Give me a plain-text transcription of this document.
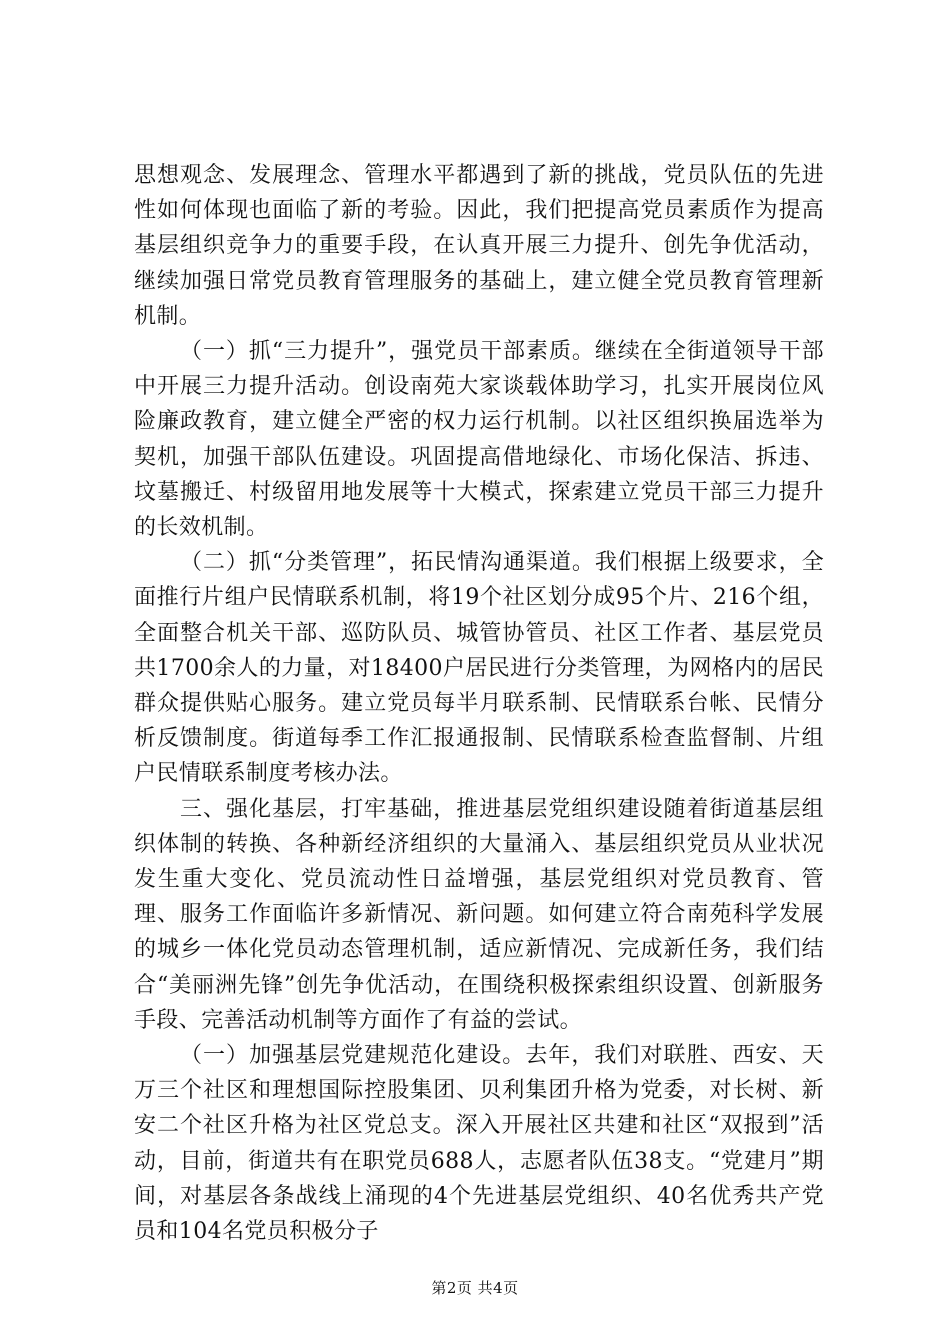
思想观念、发展理念、管理水平都遇到了新的挑战，党员队伍的先进性如何体现也面临了新的考验。因此，我们把提高党员素质作为提高基层组织竞争力的重要手段，在认真开展三力提升、创先争优活动，继续加强日常党员教育管理服务的基础上，建立健全党员教育管理新机制。

（一）抓“三力提升”，强党员干部素质。继续在全街道领导干部中开展三力提升活动。创设南苑大家谈载体助学习，扎实开展岗位风险廉政教育，建立健全严密的权力运行机制。以社区组织换届选举为契机，加强干部队伍建设。巩固提高借地绿化、市场化保洁、拆违、坟墓搬迁、村级留用地发展等十大模式，探索建立党员干部三力提升的长效机制。

（二）抓“分类管理”，拓民情沟通渠道。我们根据上级要求，全面推行片组户民情联系机制，将19个社区划分成95个片、216个组，全面整合机关干部、巡防队员、城管协管员、社区工作者、基层党员共1700余人的力量，对18400户居民进行分类管理，为网格内的居民群众提供贴心服务。建立党员每半月联系制、民情联系台帐、民情分析反馈制度。街道每季工作汇报通报制、民情联系检查监督制、片组户民情联系制度考核办法。

三、强化基层，打牢基础，推进基层党组织建设随着街道基层组织体制的转换、各种新经济组织的大量涌入、基层组织党员从业状况发生重大变化、党员流动性日益增强，基层党组织对党员教育、管理、服务工作面临许多新情况、新问题。如何建立符合南苑科学发展的城乡一体化党员动态管理机制，适应新情况、完成新任务，我们结合“美丽洲先锋”创先争优活动，在围绕积极探索组织设置、创新服务手段、完善活动机制等方面作了有益的尝试。

（一）加强基层党建规范化建设。去年，我们对联胜、西安、天万三个社区和理想国际控股集团、贝利集团升格为党委，对长树、新安二个社区升格为社区党总支。深入开展社区共建和社区“双报到”活动，目前，街道共有在职党员688人，志愿者队伍38支。“党建月”期间，对基层各条战线上涌现的4个先进基层党组织、40名优秀共产党员和104名党员积极分子

第2页 共4页
